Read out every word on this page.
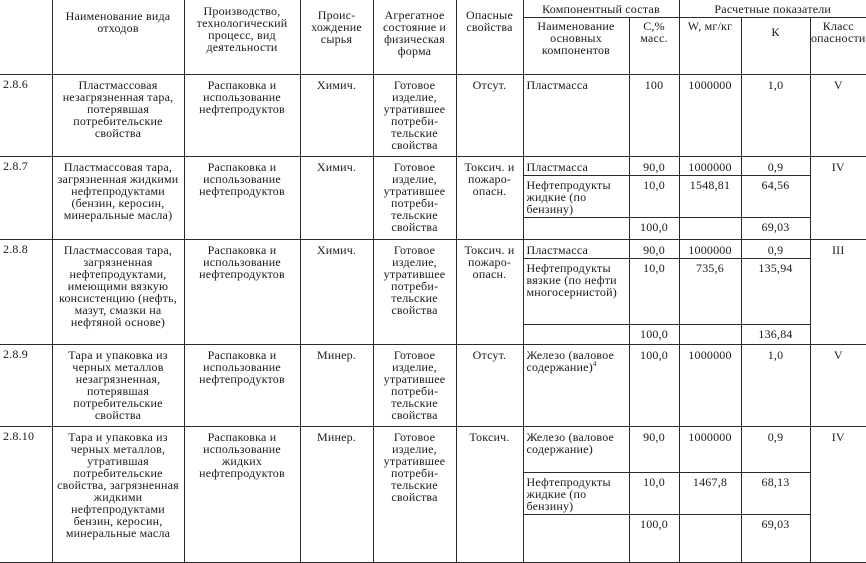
	Наименование вида отходов	Производство, технологический процесс, вид деятельности	Происхождение сырья	Агрегатное состояние и физическая форма	Опасные свойства	Компонентный состав		Расчетные показатели		
						Наименование основных компонентов	С,% масс.	W, мг/кг	К	Класс опасности
2.8.6	Пластмассовая незагрязненная тара, потерявшая потребительские свойства	Распаковка и использование нефтепродуктов	Химич.	Готовое изделие, утратившее потребительские свойства	Отсут.	Пластмасса	100	1000000	1,0	V
2.8.7	Пластмассовая тара, загрязненная жидкими нефтепродуктами (бензин, керосин, минеральные масла)	Распаковка и использование нефтепродуктов	Химич.	Готовое изделие, утратившее потребительские свойства	Токсич. и пожароопасн.	Пластмасса	90,0	1000000	0,9	IV
						Нефтепродукты жидкие (по бензину)	10,0	1548,81	64,56	
							100,0		69,03	
2.8.8	Пластмассовая тара, загрязненная нефтепродуктами, имеющими вязкую консистенцию (нефть, мазут, смазки на нефтяной основе)	Распаковка и использование нефтепродуктов	Химич.	Готовое изделие, утратившее потребительские свойства	Токсич. и пожароопасн.	Пластмасса	90,0	1000000	0,9	III
						Нефтепродукты вязкие (по нефти многосернистой)	10,0	735,6	135,94	
							100,0		136,84	
2.8.9	Тара и упаковка из черных металлов незагрязненная, потерявшая потребительские свойства	Распаковка и использование нефтепродуктов	Минер.	Готовое изделие, утратившее потребительские свойства	Отсут.	Железо (валовое содержание)$^4$	100,0	1000000	1,0	V
2.8.10	Тара и упаковка из черных металлов, утратившая потребительские свойства, загрязненная жидкими нефтепродуктами бензин, керосин, минеральные масла	Распаковка и использование жидких нефтепродуктов	Минер.	Готовое изделие, утратившее потребительские свойства	Токсич.	Железо (валовое содержание)	90,0	1000000	0,9	IV
						Нефтепродукты жидкие (по бензину)	10,0	1467,8	68,13	
							100,0		69,03	
